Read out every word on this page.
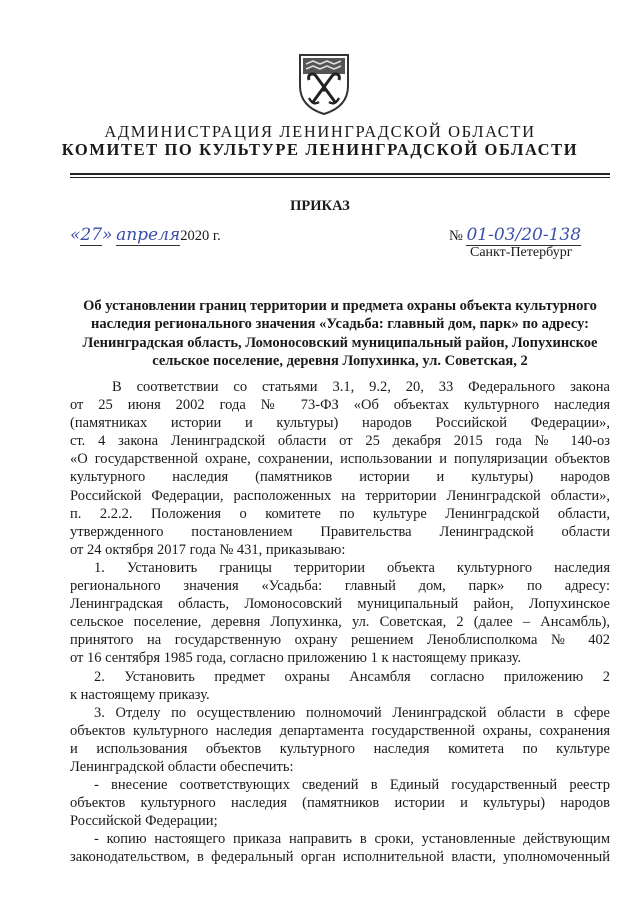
АДМИНИСТРАЦИЯ ЛЕНИНГРАДСКОЙ ОБЛАСТИ
КОМИТЕТ ПО КУЛЬТУРЕ ЛЕНИНГРАДСКОЙ ОБЛАСТИ
ПРИКАЗ
«27» апреля2020 г.	№ 01-03/20-138
Санкт-Петербург
Об установлении границ территории и предмета охраны объекта культурного
наследия регионального значения «Усадьба: главный дом, парк» по адресу:
Ленинградская область, Ломоносовский муниципальный район, Лопухинское
сельское поселение, деревня Лопухинка, ул. Советская, 2

В соответствии со статьями 3.1, 9.2, 20, 33 Федерального закона

от 25 июня 2002 года № 73-ФЗ «Об объектах культурного наследия

(памятниках истории и культуры) народов Российской Федерации»,

ст. 4 закона Ленинградской области от 25 декабря 2015 года № 140-оз

«О государственной охране, сохранении, использовании и популяризации объектов

культурного наследия (памятников истории и культуры) народов

Российской Федерации, расположенных на территории Ленинградской области»,

п. 2.2.2. Положения о комитете по культуре Ленинградской области,

утвержденного постановлением Правительства Ленинградской области

от 24 октября 2017 года № 431, приказываю:

1. Установить границы территории объекта культурного наследия

регионального значения «Усадьба: главный дом, парк» по адресу:

Ленинградская область, Ломоносовский муниципальный район, Лопухинское

сельское поселение, деревня Лопухинка, ул. Советская, 2 (далее – Ансамбль),

принятого на государственную охрану решением Леноблисполкома № 402

от 16 сентября 1985 года, согласно приложению 1 к настоящему приказу.

2. Установить предмет охраны Ансамбля согласно приложению 2

к настоящему приказу.

3. Отделу по осуществлению полномочий Ленинградской области в сфере

объектов культурного наследия департамента государственной охраны, сохранения

и использования объектов культурного наследия комитета по культуре

Ленинградской области обеспечить:

- внесение соответствующих сведений в Единый государственный реестр

объектов культурного наследия (памятников истории и культуры) народов

Российской Федерации;

- копию настоящего приказа направить в сроки, установленные действующим

законодательством, в федеральный орган исполнительной власти, уполномоченный
